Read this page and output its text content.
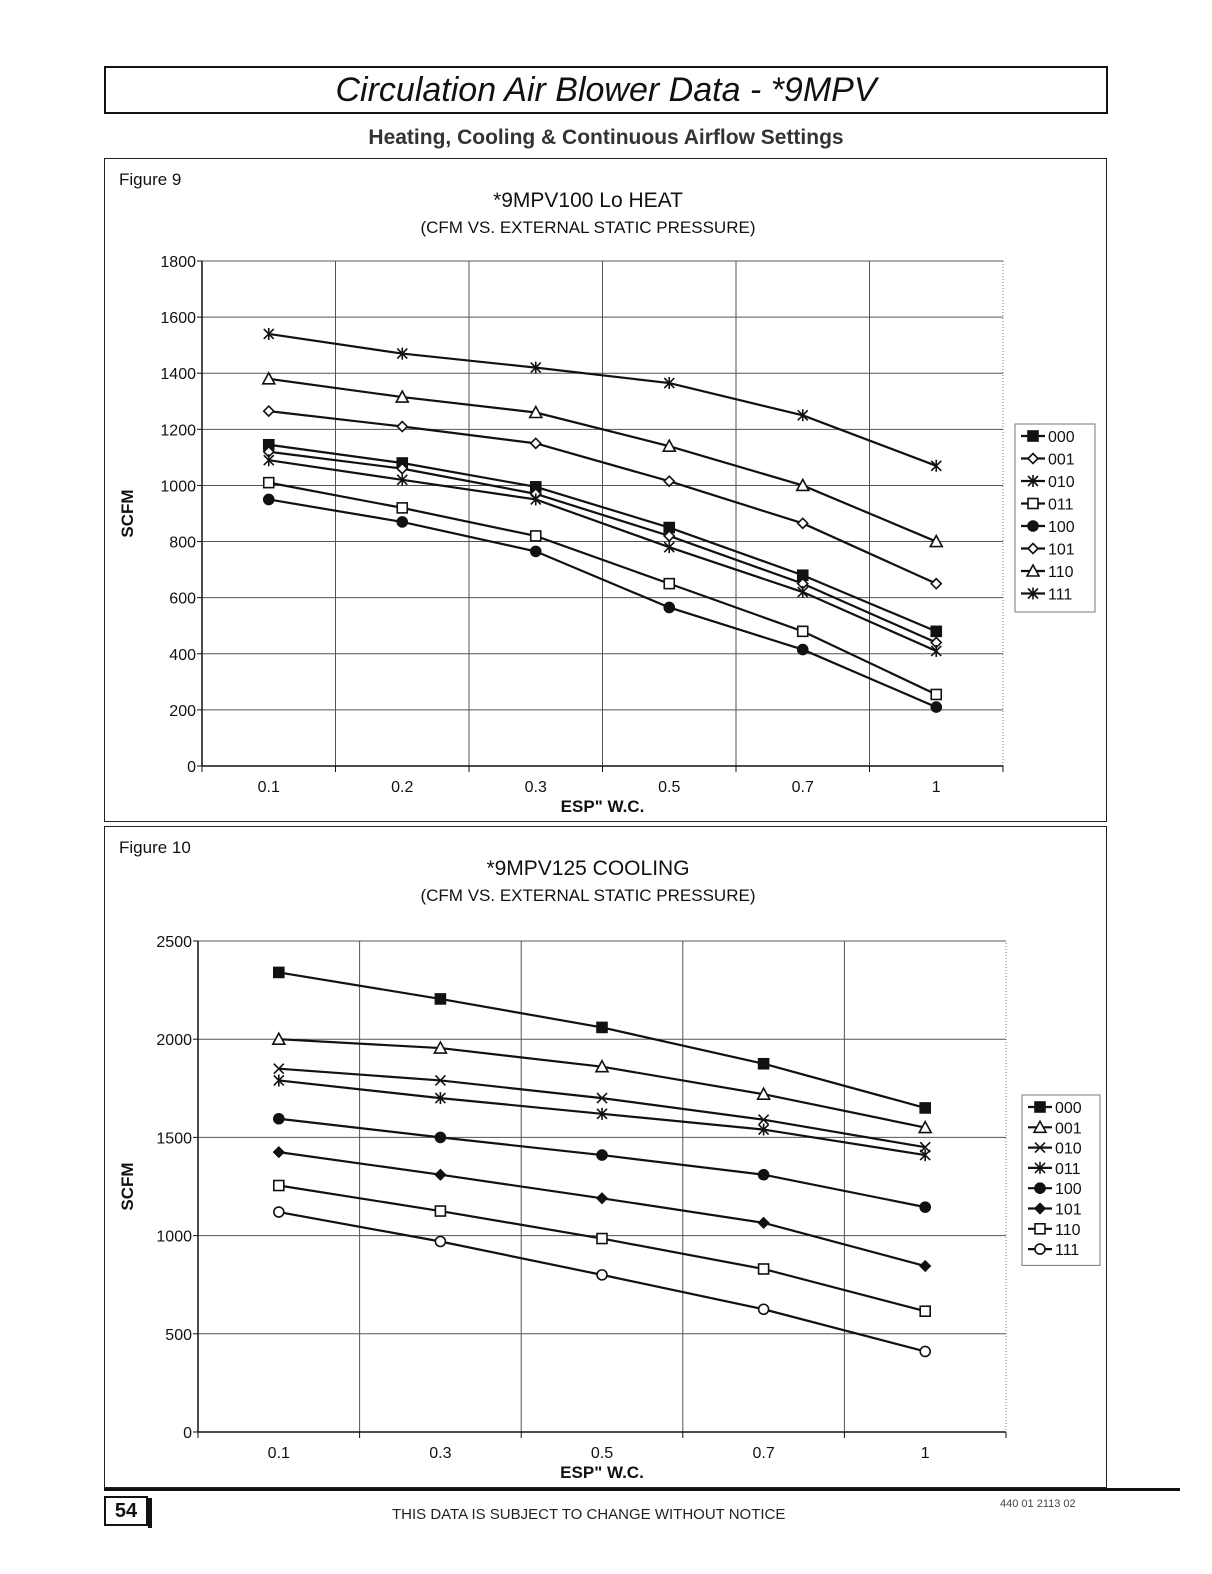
Circulation Air Blower Data - *9MPV
Heating, Cooling & Continuous Airflow Settings
Figure 9
*9MPV100 Lo HEAT
(CFM VS. EXTERNAL STATIC PRESSURE)
0
200
400
600
800
1000
1200
1400
1600
1800
0.1	0.2	0.3	0.5	0.7	1
ESP" W.C.
SCFM
000
001
010
011
100
101
110
111
Figure 10
*9MPV125 COOLING
(CFM VS. EXTERNAL STATIC PRESSURE)
0
500
1000
1500
2000
2500
0.1	0.3	0.5	0.7	1
ESP" W.C.
SCFM
000
001
010
011
100
101
110
111
54	THIS DATA IS SUBJECT TO CHANGE WITHOUT NOTICE
440 01 2113 02
